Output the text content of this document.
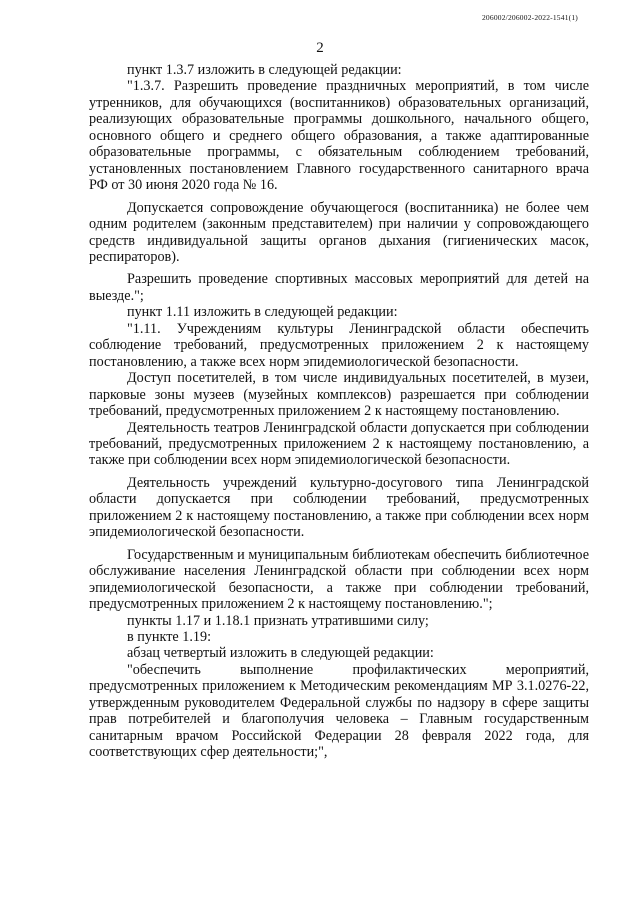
206002/206002-2022-1541(1)
2

пункт 1.3.7 изложить в следующей редакции:

"1.3.7. Разрешить проведение праздничных мероприятий, в том числе утренников, для обучающихся (воспитанников) образовательных организаций, реализующих образовательные программы дошкольного, начального общего, основного общего и среднего общего образования, а также адаптированные образовательные программы, с обязательным соблюдением требований, установленных постановлением Главного государственного санитарного врача РФ от 30 июня 2020 года № 16.

Допускается сопровождение обучающегося (воспитанника) не более чем одним родителем (законным представителем) при наличии у сопровождающего средств индивидуальной защиты органов дыхания (гигиенических масок, респираторов).

Разрешить проведение спортивных массовых мероприятий для детей на выезде.";

пункт 1.11 изложить в следующей редакции:

"1.11. Учреждениям культуры Ленинградской области обеспечить соблюдение требований, предусмотренных приложением 2 к настоящему постановлению, а также всех норм эпидемиологической безопасности.

Доступ посетителей, в том числе индивидуальных посетителей, в музеи, парковые зоны музеев (музейных комплексов) разрешается при соблюдении требований, предусмотренных приложением 2 к настоящему постановлению.

Деятельность театров Ленинградской области допускается при соблюдении требований, предусмотренных приложением 2 к настоящему постановлению, а также при соблюдении всех норм эпидемиологической безопасности.

Деятельность учреждений культурно-досугового типа Ленинградской области допускается при соблюдении требований, предусмотренных приложением 2 к настоящему постановлению, а также при соблюдении всех норм эпидемиологической безопасности.

Государственным и муниципальным библиотекам обеспечить библиотечное обслуживание населения Ленинградской области при соблюдении всех норм эпидемиологической безопасности, а также при соблюдении требований, предусмотренных приложением 2 к настоящему постановлению.";

пункты 1.17 и 1.18.1 признать утратившими силу;

в пункте 1.19:

абзац четвертый изложить в следующей редакции:

"обеспечить выполнение профилактических мероприятий, предусмотренных приложением к Методическим рекомендациям МР 3.1.0276-22, утвержденным руководителем Федеральной службы по надзору в сфере защиты прав потребителей и благополучия человека – Главным государственным санитарным врачом Российской Федерации 28 февраля 2022 года, для соответствующих сфер деятельности;",
